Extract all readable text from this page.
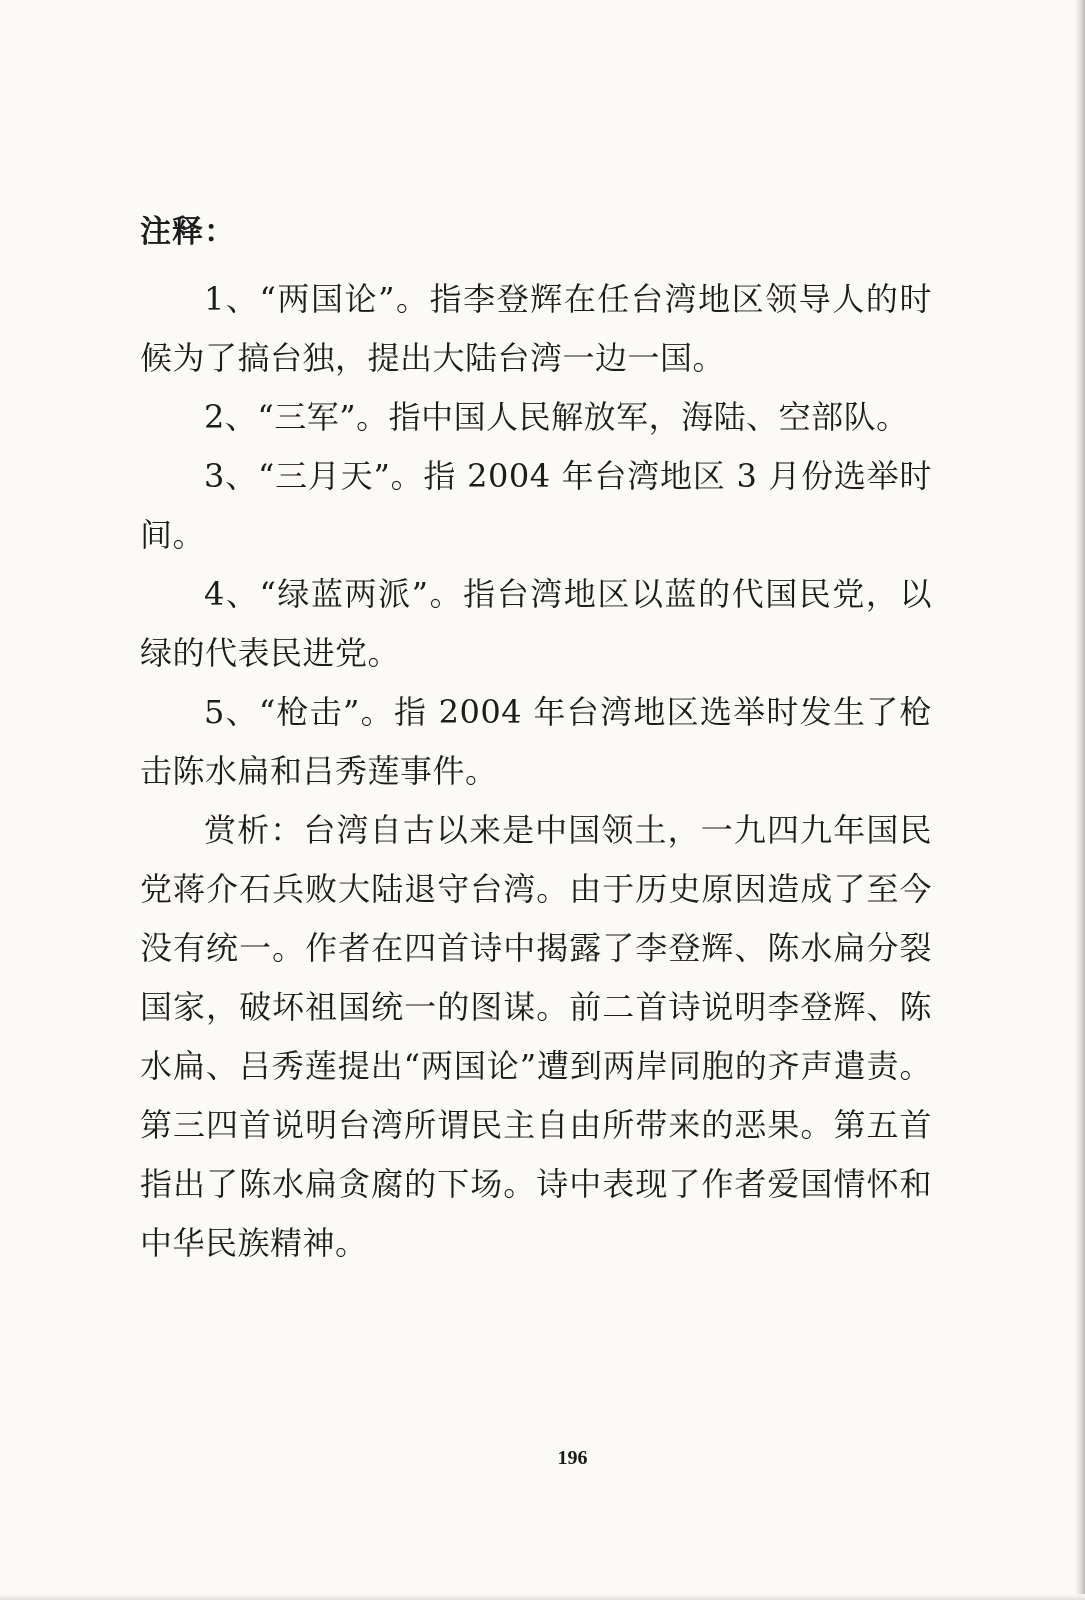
注释：

1、“两国论”。指李登辉在任台湾地区领导人的时候为了搞台独，提出大陆台湾一边一国。

2、“三军”。指中国人民解放军，海陆、空部队。

3、“三月天”。指 2004 年台湾地区 3 月份选举时间。

4、“绿蓝两派”。指台湾地区以蓝的代国民党，以绿的代表民进党。

5、“枪击”。指 2004 年台湾地区选举时发生了枪击陈水扁和吕秀莲事件。

赏析：台湾自古以来是中国领土，一九四九年国民党蒋介石兵败大陆退守台湾。由于历史原因造成了至今没有统一。作者在四首诗中揭露了李登辉、陈水扁分裂国家，破坏祖国统一的图谋。前二首诗说明李登辉、陈水扁、吕秀莲提出“两国论”遭到两岸同胞的齐声遣责。第三四首说明台湾所谓民主自由所带来的恶果。第五首指出了陈水扁贪腐的下场。诗中表现了作者爱国情怀和中华民族精神。

196
